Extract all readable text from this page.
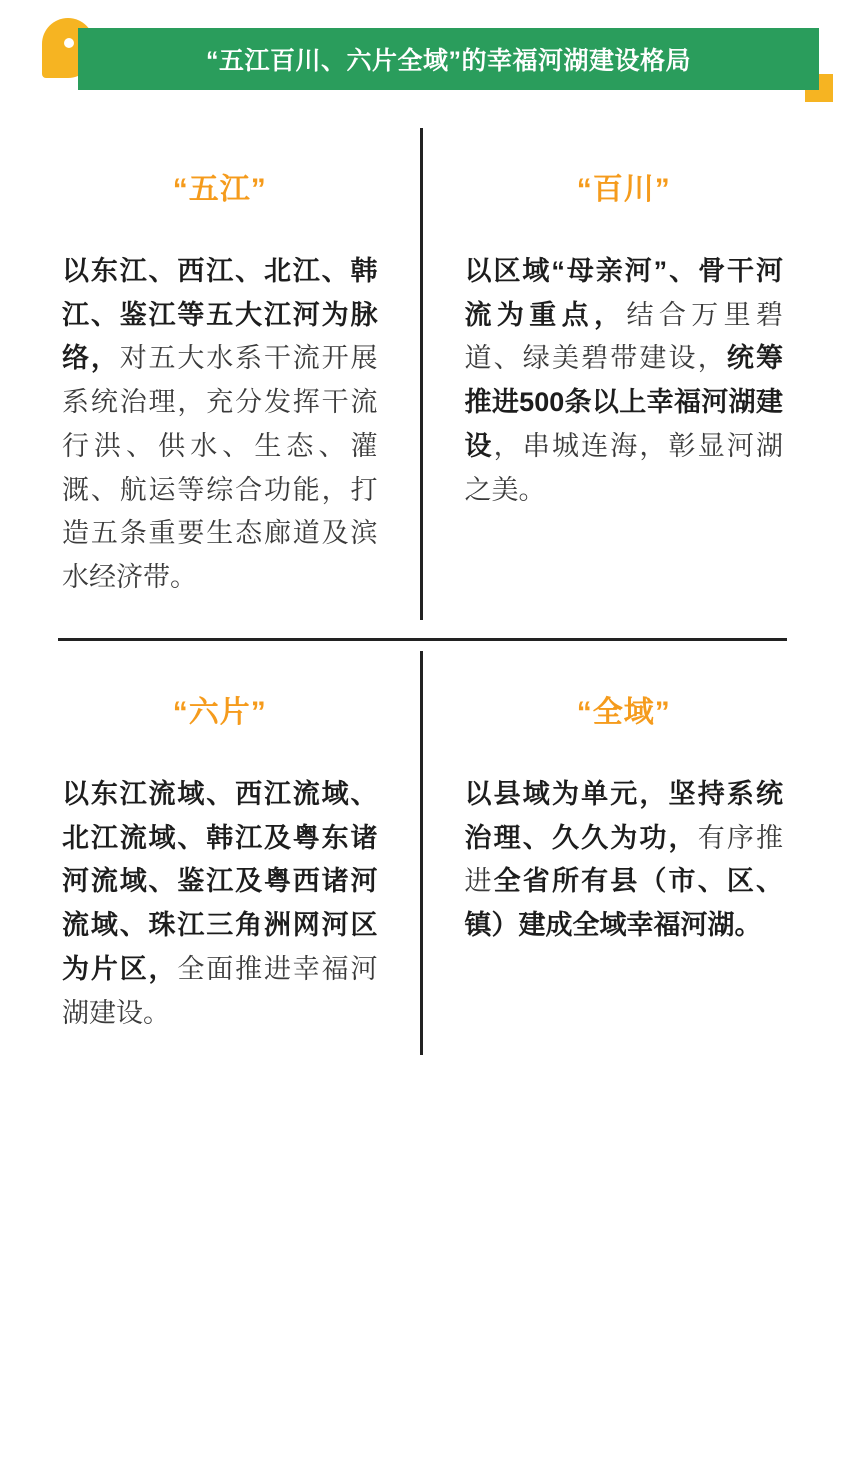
“五江百川、六片全域”的幸福河湖建设格局
“五江”
以东江、西江、北江、韩江、鉴江等五大江河为脉络，对五大水系干流开展系统治理，充分发挥干流行洪、供水、生态、灌溉、航运等综合功能，打造五条重要生态廊道及滨水经济带。
“百川”
以区域“母亲河”、骨干河流为重点，结合万里碧道、绿美碧带建设，统筹推进500条以上幸福河湖建设，串城连海，彰显河湖之美。
“六片”
以东江流域、西江流域、北江流域、韩江及粤东诸河流域、鉴江及粤西诸河流域、珠江三角洲网河区为片区，全面推进幸福河湖建设。
“全域”
以县域为单元，坚持系统治理、久久为功，有序推进全省所有县（市、区、镇）建成全域幸福河湖。
